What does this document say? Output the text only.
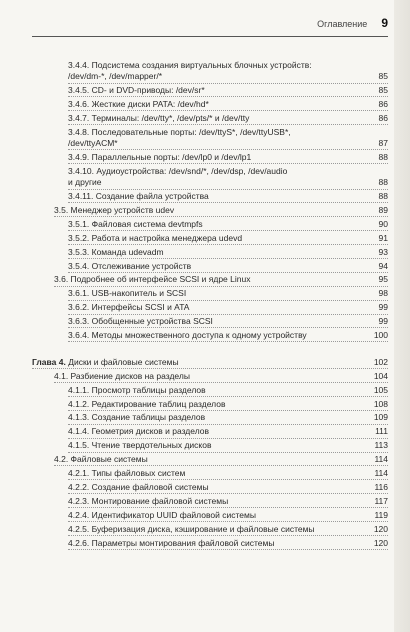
Оглавление 9
3.4.4. Подсистема создания виртуальных блочных устройств:
/dev/dm-*, /dev/mapper/*	85
3.4.5. CD- и DVD-приводы: /dev/sr*	85
3.4.6. Жесткие диски PATA: /dev/hd*	86
3.4.7. Терминалы: /dev/tty*, /dev/pts/* и /dev/tty	86
3.4.8. Последовательные порты: /dev/ttyS*, /dev/ttyUSB*,
/dev/ttyACM*	87
3.4.9. Параллельные порты: /dev/lp0 и /dev/lp1	88
3.4.10. Аудиоустройства: /dev/snd/*, /dev/dsp, /dev/audio
и другие	88
3.4.11. Создание файла устройства	88
3.5. Менеджер устройств udev	89
3.5.1. Файловая система devtmpfs	90
3.5.2. Работа и настройка менеджера udevd	91
3.5.3. Команда udevadm	93
3.5.4. Отслеживание устройств	94
3.6. Подробнее об интерфейсе SCSI и ядре Linux	95
3.6.1. USB-накопитель и SCSI	98
3.6.2. Интерфейсы SCSI и ATA	99
3.6.3. Обобщенные устройства SCSI	99
3.6.4. Методы множественного доступа к одному устройству	100
Глава 4. Диски и файловые системы	102
4.1. Разбиение дисков на разделы	104
4.1.1. Просмотр таблицы разделов	105
4.1.2. Редактирование таблиц разделов	108
4.1.3. Создание таблицы разделов	109
4.1.4. Геометрия дисков и разделов	111
4.1.5. Чтение твердотельных дисков	113
4.2. Файловые системы	114
4.2.1. Типы файловых систем	114
4.2.2. Создание файловой системы	116
4.2.3. Монтирование файловой системы	117
4.2.4. Идентификатор UUID файловой системы	119
4.2.5. Буферизация диска, кэширование и файловые системы	120
4.2.6. Параметры монтирования файловой системы	120
